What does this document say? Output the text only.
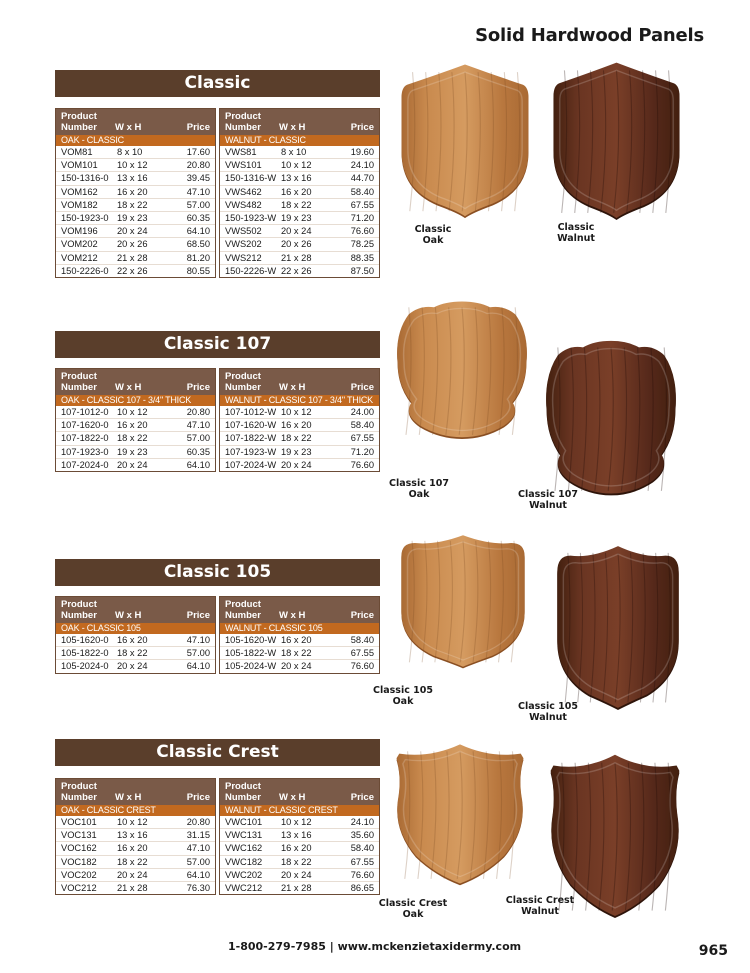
Solid Hardwood Panels
Classic
Product
Number	W x H	Price
OAK - CLASSIC
VOM81	8 x 10	17.60
VOM101 10 x 12	20.80
150-1316-0 13 x 16	39.45
VOM162 16 x 20	47.10
VOM182 18 x 22	57.00
150-1923-0 19 x 23	60.35
VOM196 20 x 24	64.10
VOM202 20 x 26	68.50
VOM212 21 x 28	81.20
150-2226-0 22 x 26	80.55
Product
Number	W x H	Price
WALNUT - CLASSIC
VWS81	8 x 10	19.60
VWS101 10 x 12	24.10
150-1316-W 13 x 16	44.70
VWS462 16 x 20	58.40
VWS482 18 x 22	67.55
150-1923-W 19 x 23	71.20
VWS502 20 x 24	76.60
VWS202 20 x 26	78.25
VWS212 21 x 28	88.35
150-2226-W 22 x 26	87.50
Classic
Oak
Classic
Walnut
Classic 107
Product
Number	W x H	Price
OAK - CLASSIC 107 - 3/4" THICK
107-1012-0 10 x 12	20.80
107-1620-0 16 x 20	47.10
107-1822-0 18 x 22	57.00
107-1923-0 19 x 23	60.35
107-2024-0 20 x 24	64.10
Product
Number	W x H	Price
WALNUT - CLASSIC 107 - 3/4" THICK
107-1012-W 10 x 12	24.00
107-1620-W 16 x 20	58.40
107-1822-W 18 x 22	67.55
107-1923-W 19 x 23	71.20
107-2024-W 20 x 24	76.60
Classic 107
Oak	Classic 107
Walnut
Classic 105
Product
Number	W x H	Price
OAK - CLASSIC 105
105-1620-0 16 x 20	47.10
105-1822-0 18 x 22	57.00
105-2024-0 20 x 24	64.10
Product
Number	W x H	Price
WALNUT - CLASSIC 105
105-1620-W 16 x 20	58.40
105-1822-W 18 x 22	67.55
105-2024-W 20 x 24	76.60
Classic 105
Oak	Classic 105
Walnut
Classic Crest
Product
Number	W x H	Price
OAK - CLASSIC CREST
VOC101 10 x 12	20.80
VOC131 13 x 16	31.15
VOC162 16 x 20	47.10
VOC182 18 x 22	57.00
VOC202 20 x 24	64.10
VOC212 21 x 28	76.30
Product
Number	W x H	Price
WALNUT - CLASSIC CREST
VWC101 10 x 12	24.10
VWC131 13 x 16	35.60
VWC162 16 x 20	58.40
VWC182 18 x 22	67.55
VWC202 20 x 24	76.60
VWC212 21 x 28	86.65
Classic Crest
Oak
Classic Crest
Walnut
1-800-279-7985 | www.mckenzietaxidermy.com	965
